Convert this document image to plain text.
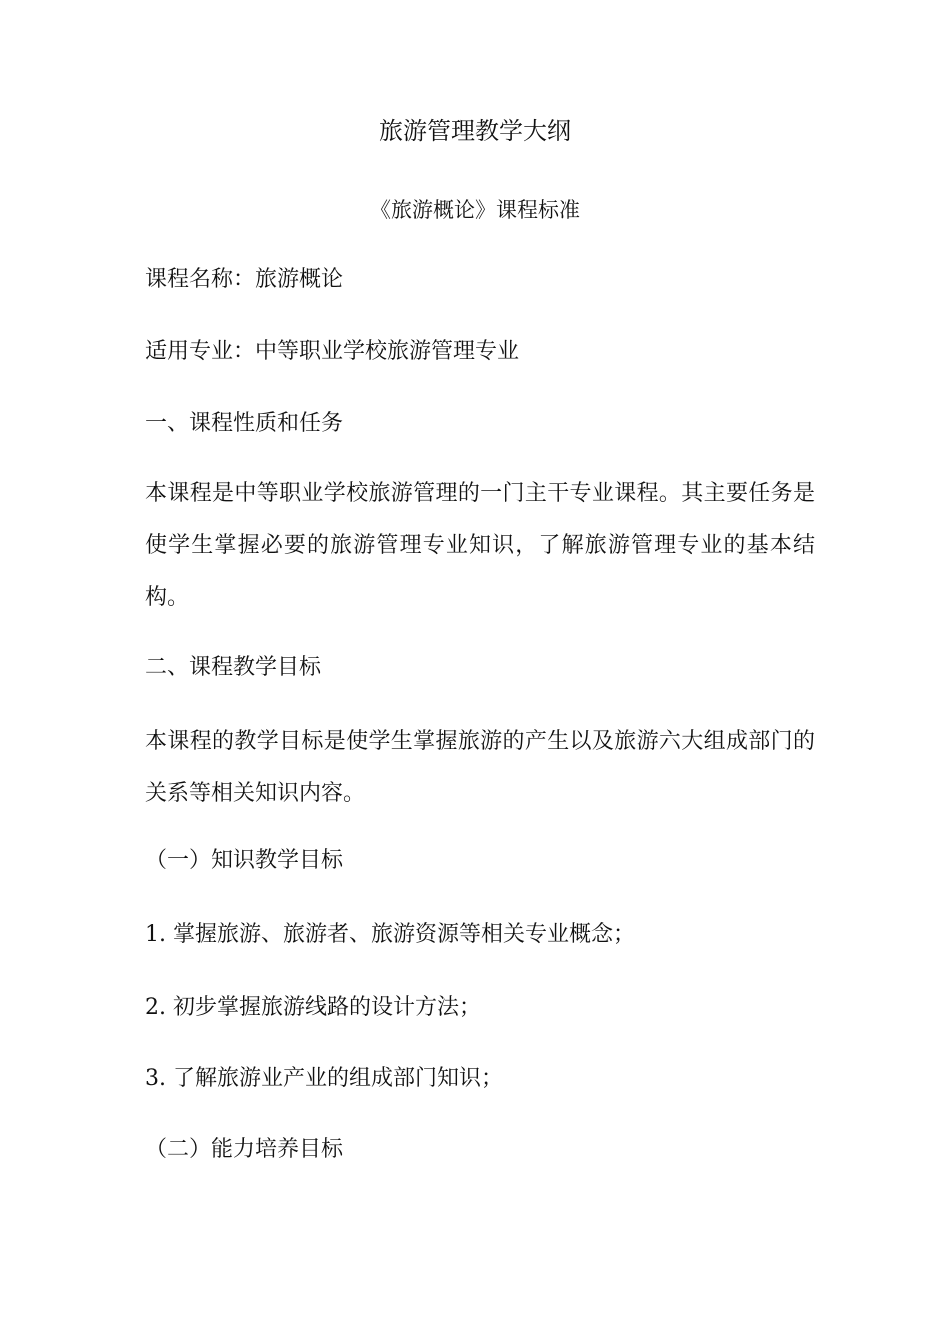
旅游管理教学大纲
《旅游概论》课程标准
课程名称：旅游概论
适用专业：中等职业学校旅游管理专业
一、课程性质和任务
本课程是中等职业学校旅游管理的一门主干专业课程。其主要任务是使学生掌握必要的旅游管理专业知识，了解旅游管理专业的基本结构。
二、课程教学目标
本课程的教学目标是使学生掌握旅游的产生以及旅游六大组成部门的关系等相关知识内容。
（一）知识教学目标
1. 掌握旅游、旅游者、旅游资源等相关专业概念；
2. 初步掌握旅游线路的设计方法；
3. 了解旅游业产业的组成部门知识；
（二）能力培养目标
